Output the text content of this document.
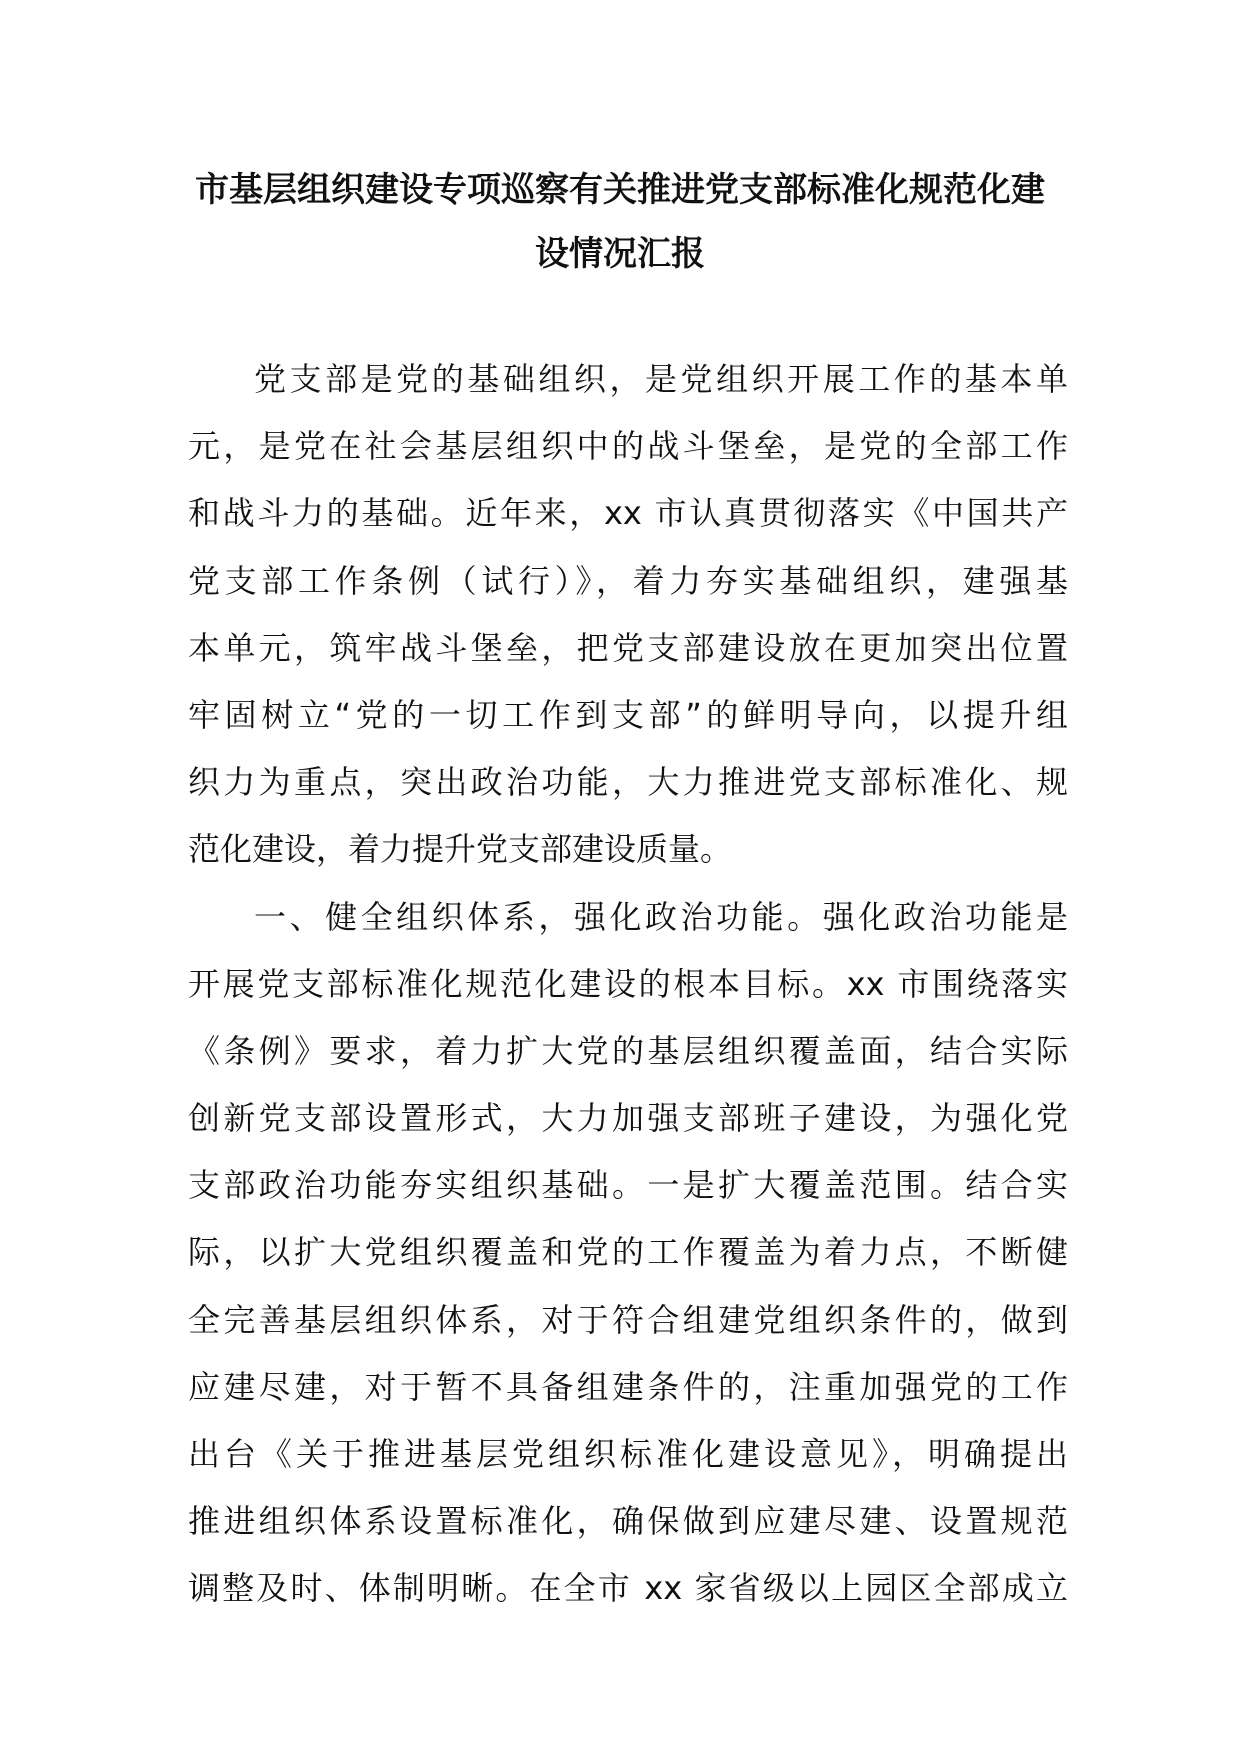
市基层组织建设专项巡察有关推进党支部标准化规范化建
设情况汇报
党支部是党的基础组织，是党组织开展工作的基本单
元，是党在社会基层组织中的战斗堡垒，是党的全部工作
和战斗力的基础。近年来，xx 市认真贯彻落实《中国共产
党支部工作条例（试行）》，着力夯实基础组织，建强基
本单元，筑牢战斗堡垒，把党支部建设放在更加突出位置
牢固树立“党的一切工作到支部”的鲜明导向，以提升组
织力为重点，突出政治功能，大力推进党支部标准化、规
范化建设，着力提升党支部建设质量。
一、健全组织体系，强化政治功能。强化政治功能是
开展党支部标准化规范化建设的根本目标。xx 市围绕落实
《条例》要求，着力扩大党的基层组织覆盖面，结合实际
创新党支部设置形式，大力加强支部班子建设，为强化党
支部政治功能夯实组织基础。一是扩大覆盖范围。结合实
际，以扩大党组织覆盖和党的工作覆盖为着力点，不断健
全完善基层组织体系，对于符合组建党组织条件的，做到
应建尽建，对于暂不具备组建条件的，注重加强党的工作
出台《关于推进基层党组织标准化建设意见》，明确提出
推进组织体系设置标准化，确保做到应建尽建、设置规范
调整及时、体制明晰。在全市 xx 家省级以上园区全部成立
